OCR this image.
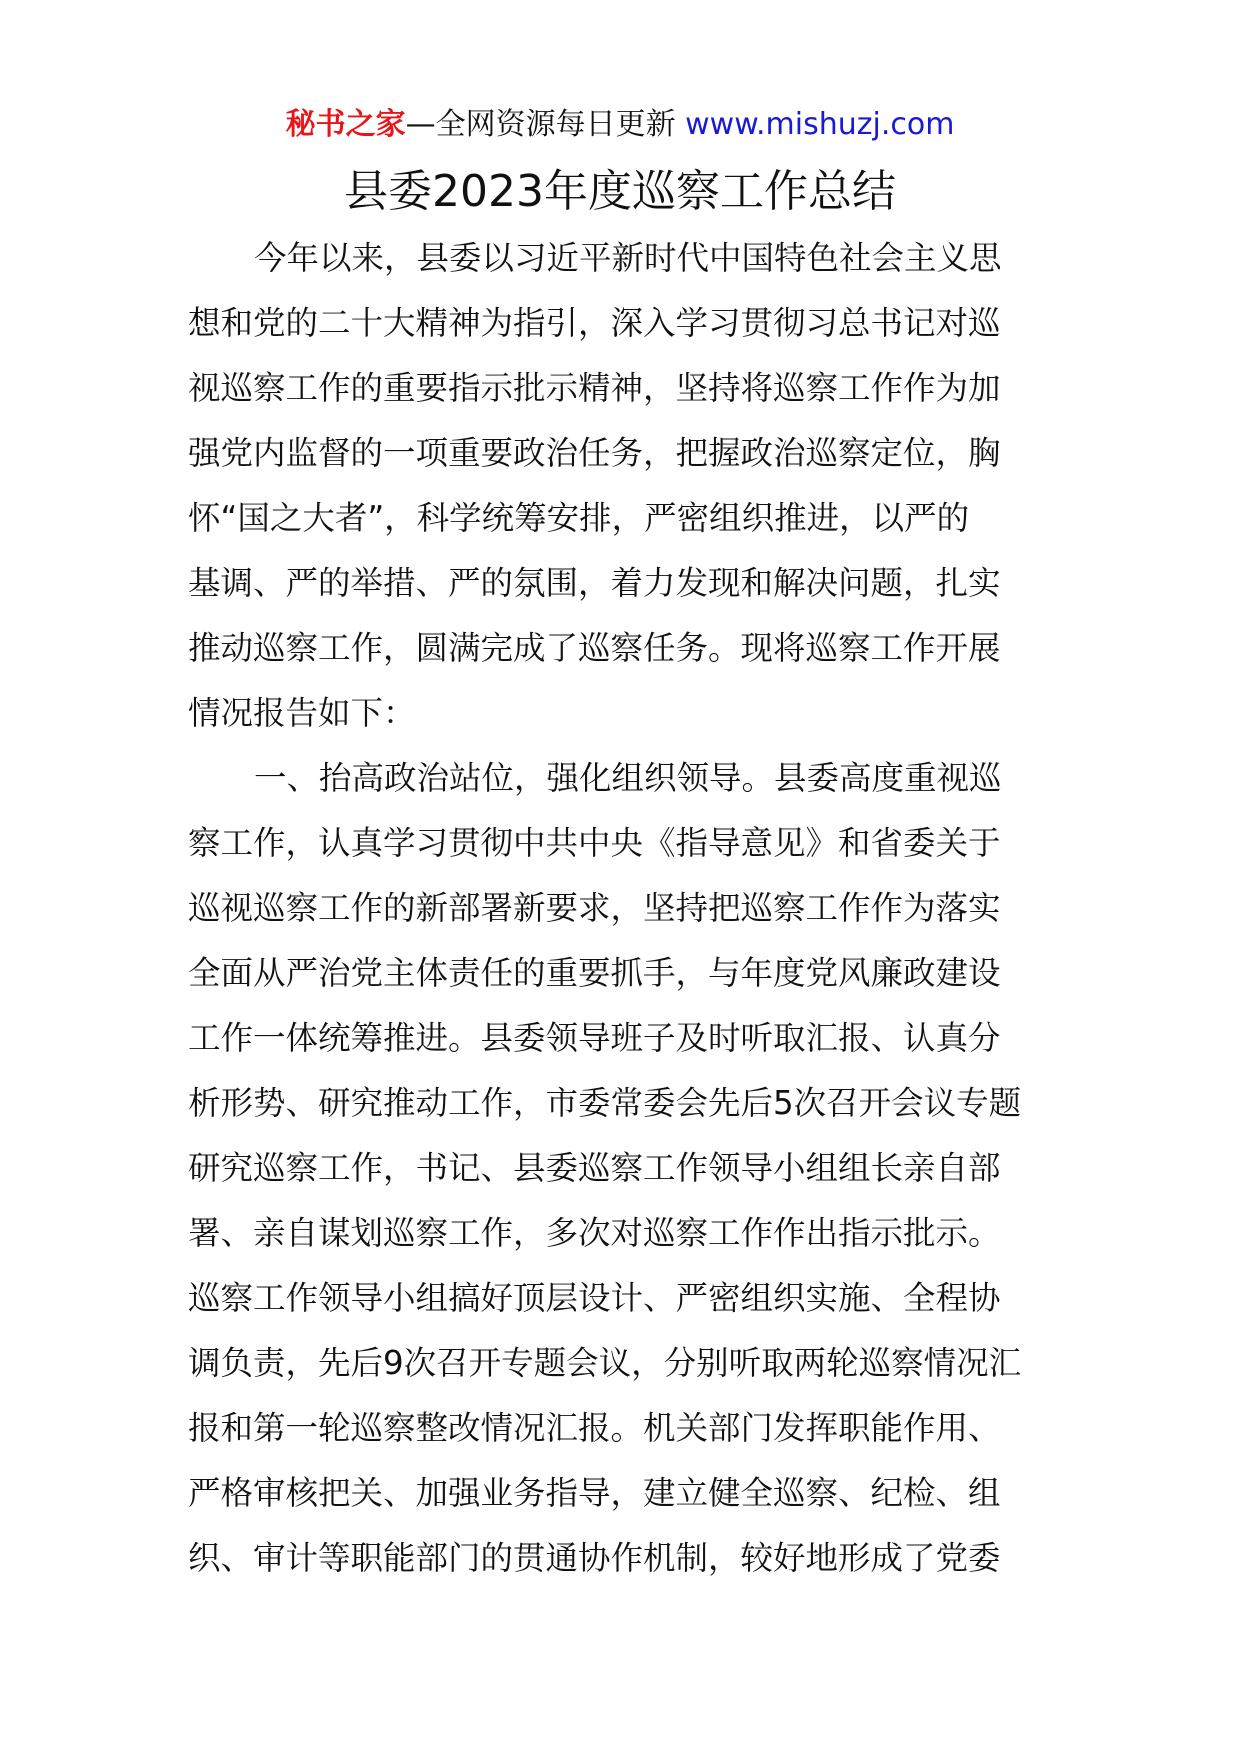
秘书之家—全网资源每日更新 www.mishuzj.com
县委2023年度巡察工作总结
今年以来，县委以习近平新时代中国特色社会主义思
想和党的二十大精神为指引，深入学习贯彻习总书记对巡
视巡察工作的重要指示批示精神，坚持将巡察工作作为加
强党内监督的一项重要政治任务，把握政治巡察定位，胸
怀“国之大者”，科学统筹安排，严密组织推进，以严的
基调、严的举措、严的氛围，着力发现和解决问题，扎实
推动巡察工作，圆满完成了巡察任务。现将巡察工作开展
情况报告如下：
一、抬高政治站位，强化组织领导。县委高度重视巡
察工作，认真学习贯彻中共中央《指导意见》和省委关于
巡视巡察工作的新部署新要求，坚持把巡察工作作为落实
全面从严治党主体责任的重要抓手，与年度党风廉政建设
工作一体统筹推进。县委领导班子及时听取汇报、认真分
析形势、研究推动工作，市委常委会先后5次召开会议专题
研究巡察工作，书记、县委巡察工作领导小组组长亲自部
署、亲自谋划巡察工作，多次对巡察工作作出指示批示。
巡察工作领导小组搞好顶层设计、严密组织实施、全程协
调负责，先后9次召开专题会议，分别听取两轮巡察情况汇
报和第一轮巡察整改情况汇报。机关部门发挥职能作用、
严格审核把关、加强业务指导，建立健全巡察、纪检、组
织、审计等职能部门的贯通协作机制，较好地形成了党委
